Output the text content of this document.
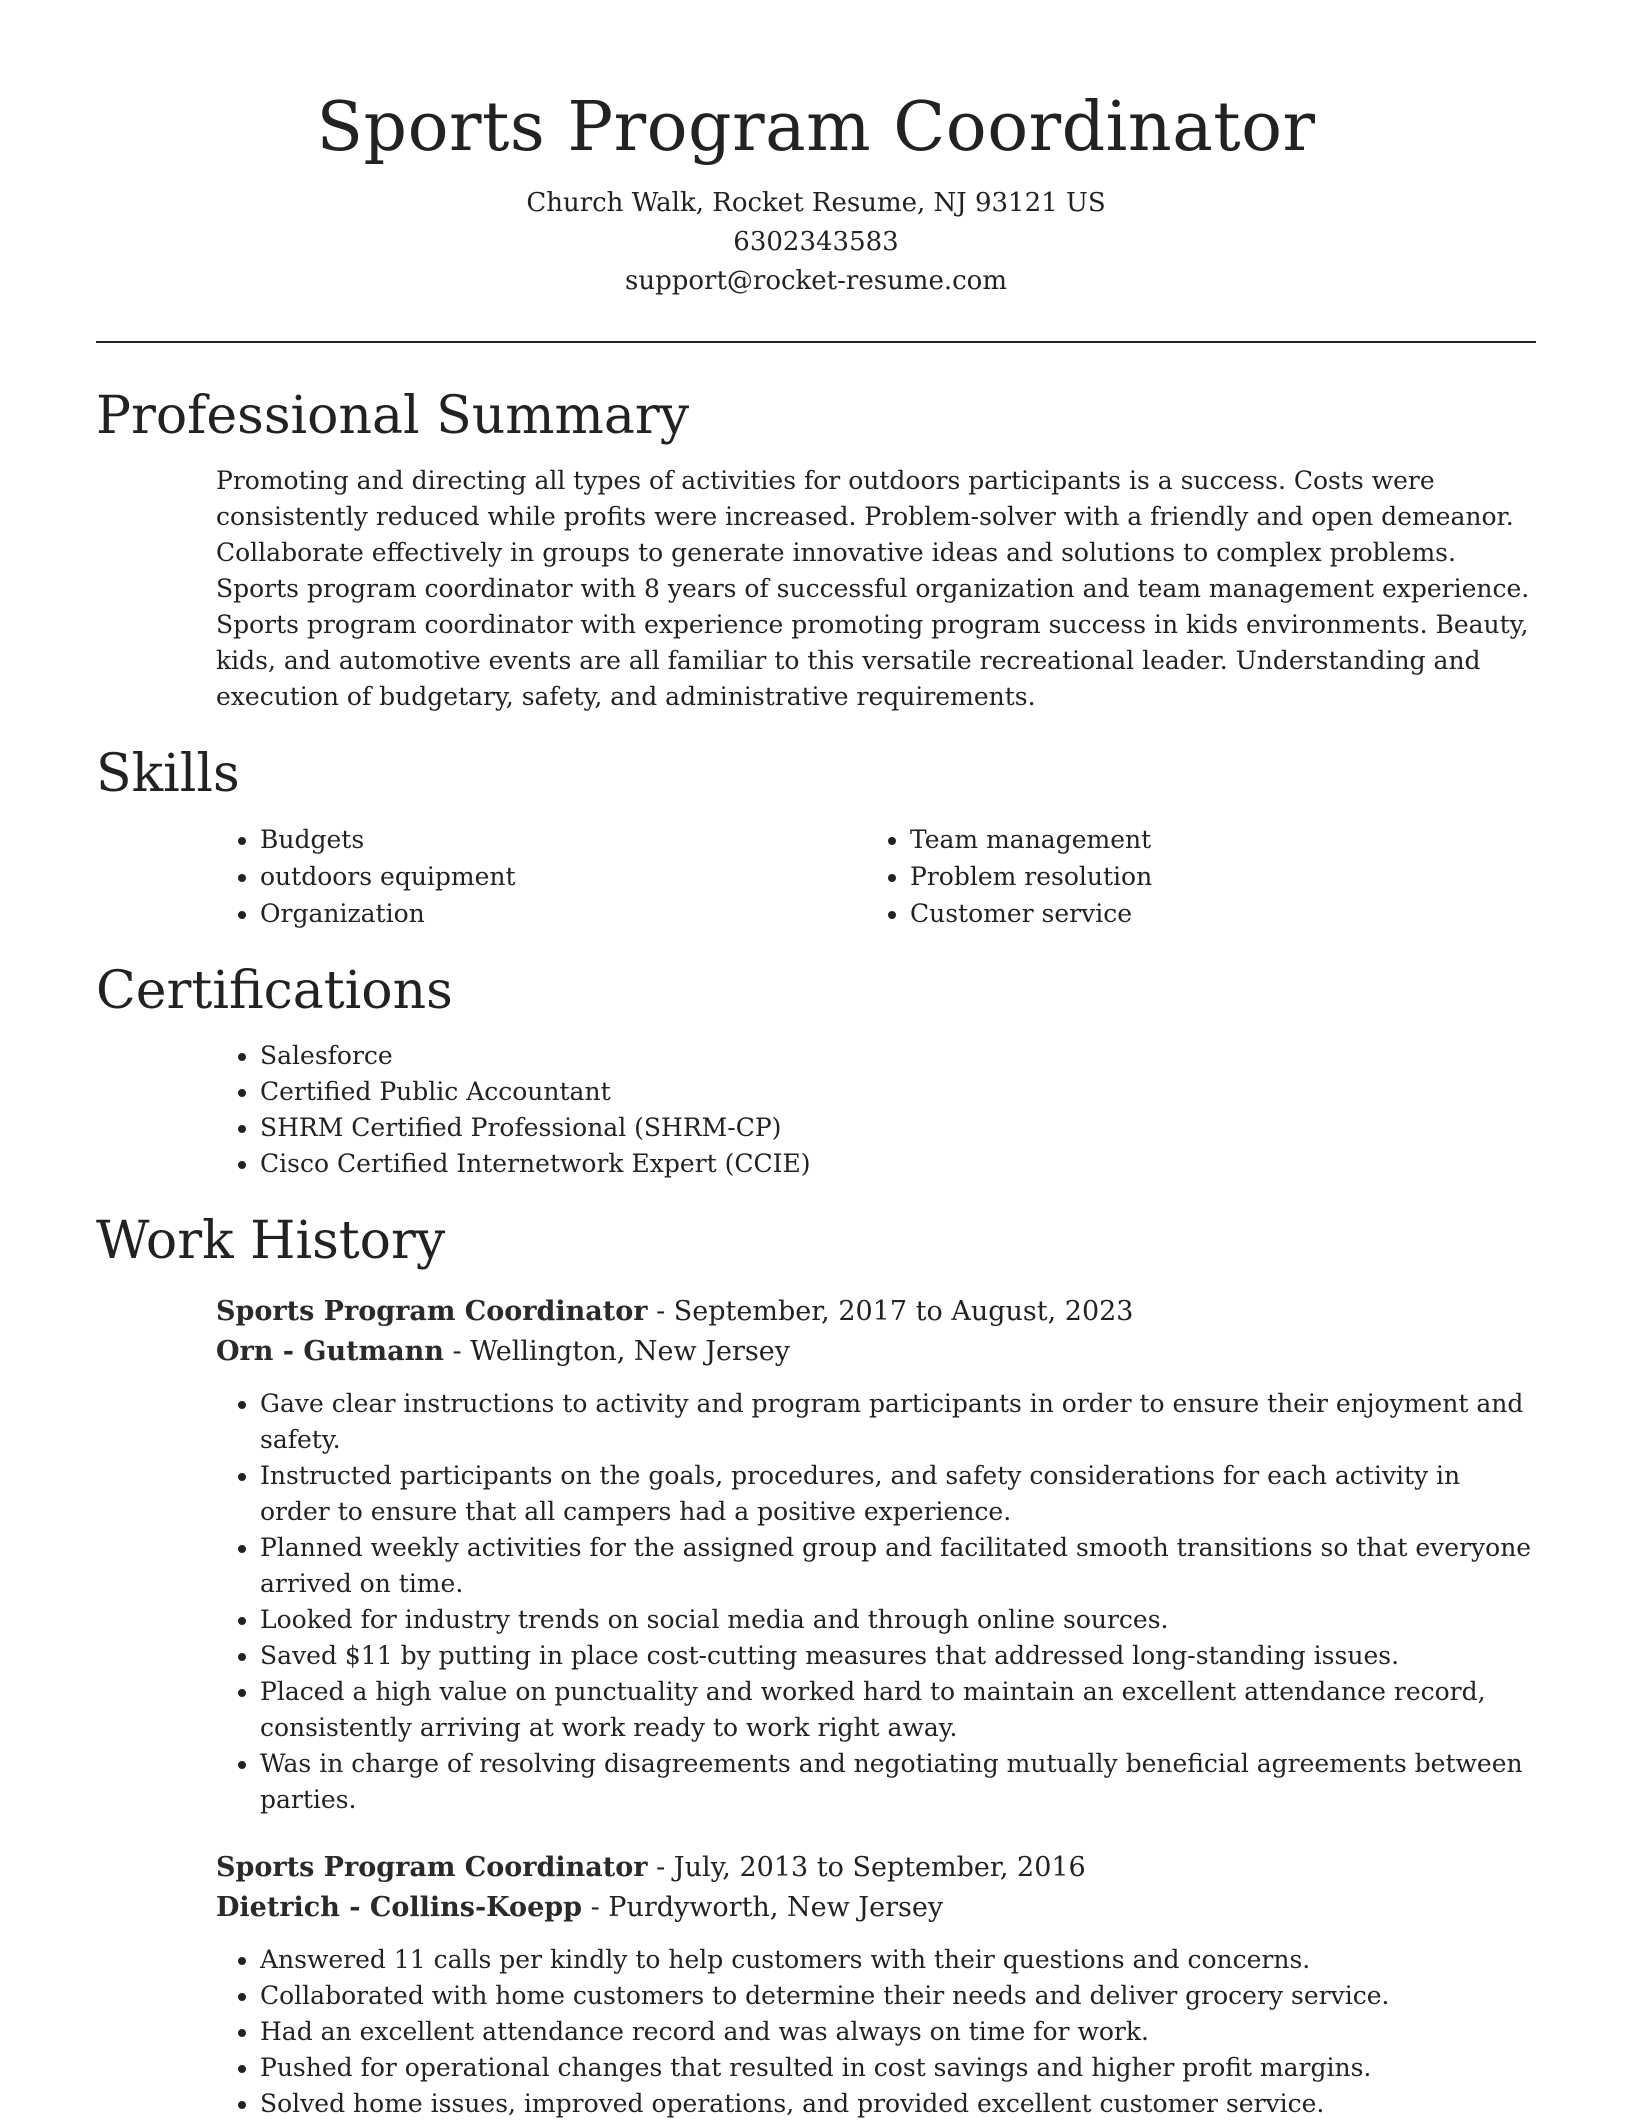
Sports Program Coordinator
Church Walk, Rocket Resume, NJ 93121 US
6302343583
support@rocket-resume.com
Professional Summary

Promoting and directing all types of activities for outdoors participants is a success. Costs were consistently reduced while profits were increased. Problem-solver with a friendly and open demeanor. Collaborate effectively in groups to generate innovative ideas and solutions to complex problems. Sports program coordinator with 8 years of successful organization and team management experience. Sports program coordinator with experience promoting program success in kids environments. Beauty, kids, and automotive events are all familiar to this versatile recreational leader. Understanding and execution of budgetary, safety, and administrative requirements.

Skills
• Budgets
• outdoors equipment
• Organization
• Team management
• Problem resolution
• Customer service
Certifications
• Salesforce
• Certified Public Accountant
• SHRM Certified Professional (SHRM-CP)
• Cisco Certified Internetwork Expert (CCIE)
Work History
Sports Program Coordinator - September, 2017 to August, 2023
Orn - Gutmann - Wellington, New Jersey
• Gave clear instructions to activity and program participants in order to ensure their enjoyment and safety.
• Instructed participants on the goals, procedures, and safety considerations for each activity in order to ensure that all campers had a positive experience.
• Planned weekly activities for the assigned group and facilitated smooth transitions so that everyone arrived on time.
• Looked for industry trends on social media and through online sources.
• Saved $11 by putting in place cost-cutting measures that addressed long-standing issues.
• Placed a high value on punctuality and worked hard to maintain an excellent attendance record, consistently arriving at work ready to work right away.
• Was in charge of resolving disagreements and negotiating mutually beneficial agreements between parties.
Sports Program Coordinator - July, 2013 to September, 2016
Dietrich - Collins-Koepp - Purdyworth, New Jersey
• Answered 11 calls per kindly to help customers with their questions and concerns.
• Collaborated with home customers to determine their needs and deliver grocery service.
• Had an excellent attendance record and was always on time for work.
• Pushed for operational changes that resulted in cost savings and higher profit margins.
• Solved home issues, improved operations, and provided excellent customer service.
